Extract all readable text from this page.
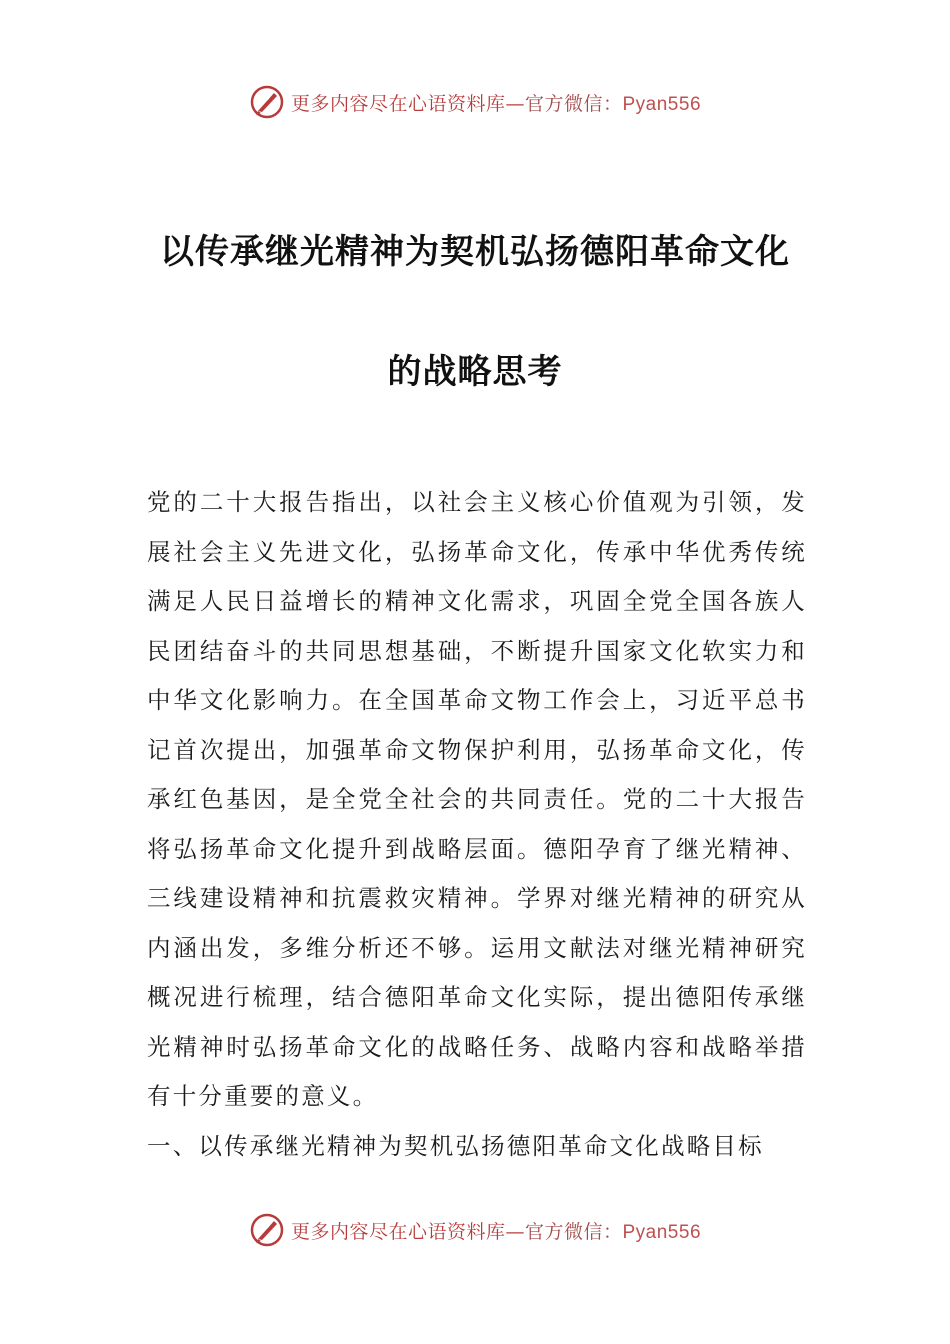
更多内容尽在心语资料库—官方微信：Pyan556
以传承继光精神为契机弘扬德阳革命文化
的战略思考

党的二十大报告指出，以社会主义核心价值观为引领，发展社会主义先进文化，弘扬革命文化，传承中华优秀传统满足人民日益增长的精神文化需求，巩固全党全国各族人民团结奋斗的共同思想基础，不断提升国家文化软实力和中华文化影响力。在全国革命文物工作会上，习近平总书记首次提出，加强革命文物保护利用，弘扬革命文化，传承红色基因，是全党全社会的共同责任。党的二十大报告将弘扬革命文化提升到战略层面。德阳孕育了继光精神、三线建设精神和抗震救灾精神。学界对继光精神的研究从内涵出发，多维分析还不够。运用文献法对继光精神研究概况进行梳理，结合德阳革命文化实际，提出德阳传承继光精神时弘扬革命文化的战略任务、战略内容和战略举措有十分重要的意义。

一、以传承继光精神为契机弘扬德阳革命文化战略目标

更多内容尽在心语资料库—官方微信：Pyan556
